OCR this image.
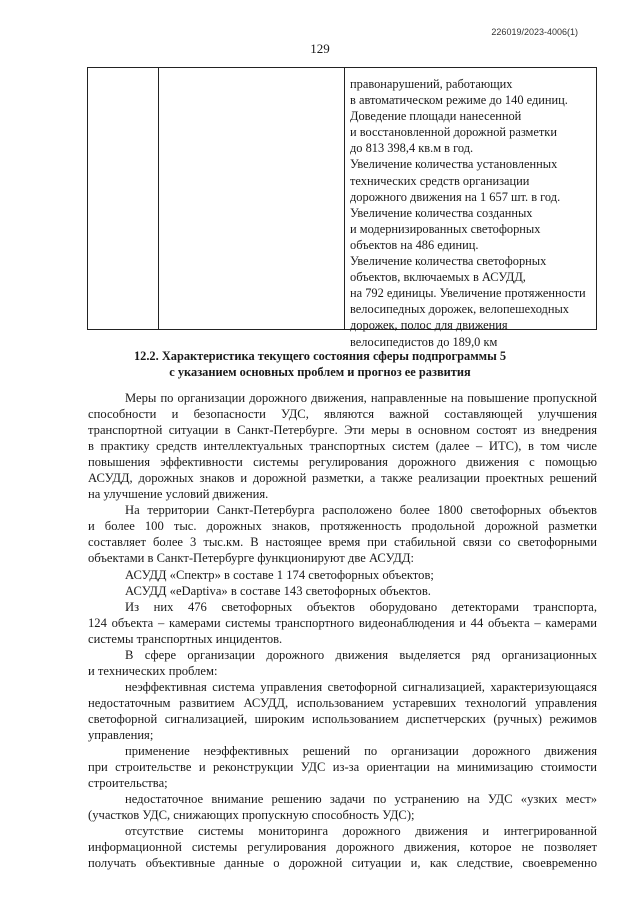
226019/2023-4006(1)
129
правонарушений, работающих
в автоматическом режиме до 140 единиц.
Доведение площади нанесенной
и восстановленной дорожной разметки
до 813 398,4 кв.м в год.
Увеличение количества установленных
технических средств организации
дорожного движения на 1 657 шт. в год.
Увеличение количества созданных
и модернизированных светофорных
объектов на 486 единиц.
Увеличение количества светофорных
объектов, включаемых в АСУДД,
на 792 единицы. Увеличение протяженности
велосипедных дорожек, велопешеходных
дорожек, полос для движения
велосипедистов до 189,0 км
12.2. Характеристика текущего состояния сферы подпрограммы 5
с указанием основных проблем и прогноз ее развития

Меры по организации дорожного движения, направленные на повышение пропускной
способности и безопасности УДС, являются важной составляющей улучшения
транспортной ситуации в Санкт-Петербурге. Эти меры в основном состоят из внедрения
в практику средств интеллектуальных транспортных систем (далее – ИТС), в том числе
повышения эффективности системы регулирования дорожного движения с помощью
АСУДД, дорожных знаков и дорожной разметки, а также реализации проектных решений
на улучшение условий движения.

На территории Санкт-Петербурга расположено более 1800 светофорных объектов
и более 100 тыс. дорожных знаков, протяженность продольной дорожной разметки
составляет более 3 тыс.км. В настоящее время при стабильной связи со светофорными
объектами в Санкт-Петербурге функционируют две АСУДД:

АСУДД «Спектр» в составе 1 174 светофорных объектов;

АСУДД «eDaptiva» в составе 143 светофорных объектов.

Из них 476 светофорных объектов оборудовано детекторами транспорта,
124 объекта – камерами системы транспортного видеонаблюдения и 44 объекта – камерами
системы транспортных инцидентов.

В сфере организации дорожного движения выделяется ряд организационных
и технических проблем:

неэффективная система управления светофорной сигнализацией, характеризующаяся
недостаточным развитием АСУДД, использованием устаревших технологий управления
светофорной сигнализацией, широким использованием диспетчерских (ручных) режимов
управления;

применение неэффективных решений по организации дорожного движения
при строительстве и реконструкции УДС из-за ориентации на минимизацию стоимости
строительства;

недостаточное внимание решению задачи по устранению на УДС «узких мест»
(участков УДС, снижающих пропускную способность УДС);

отсутствие системы мониторинга дорожного движения и интегрированной
информационной системы регулирования дорожного движения, которое не позволяет
получать объективные данные о дорожной ситуации и, как следствие, своевременно
